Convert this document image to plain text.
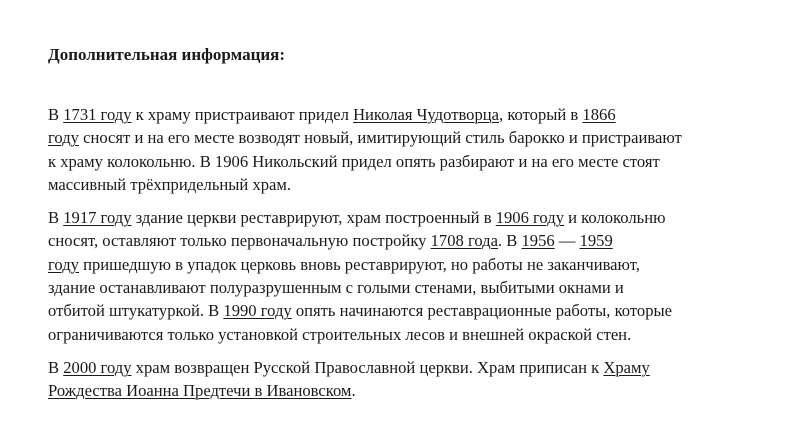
Дополнительная информация:

В 1731 году к храму пристраивают придел Николая Чудотворца, который в 1866
году сносят и на его месте возводят новый, имитирующий стиль барокко и пристраивают
к храму колокольню. В 1906 Никольский придел опять разбирают и на его месте стоят
массивный трёхпридельный храм.

В 1917 году здание церкви реставрируют, храм построенный в 1906 году и колокольню
сносят, оставляют только первоначальную постройку 1708 года. В 1956 — 1959
году пришедшую в упадок церковь вновь реставрируют, но работы не заканчивают,
здание останавливают полуразрушенным с голыми стенами, выбитыми окнами и
отбитой штукатуркой. В 1990 году опять начинаются реставрационные работы, которые
ограничиваются только установкой строительных лесов и внешней окраской стен.

В 2000 году храм возвращен Русской Православной церкви. Храм приписан к Храму
Рождества Иоанна Предтечи в Ивановском.
